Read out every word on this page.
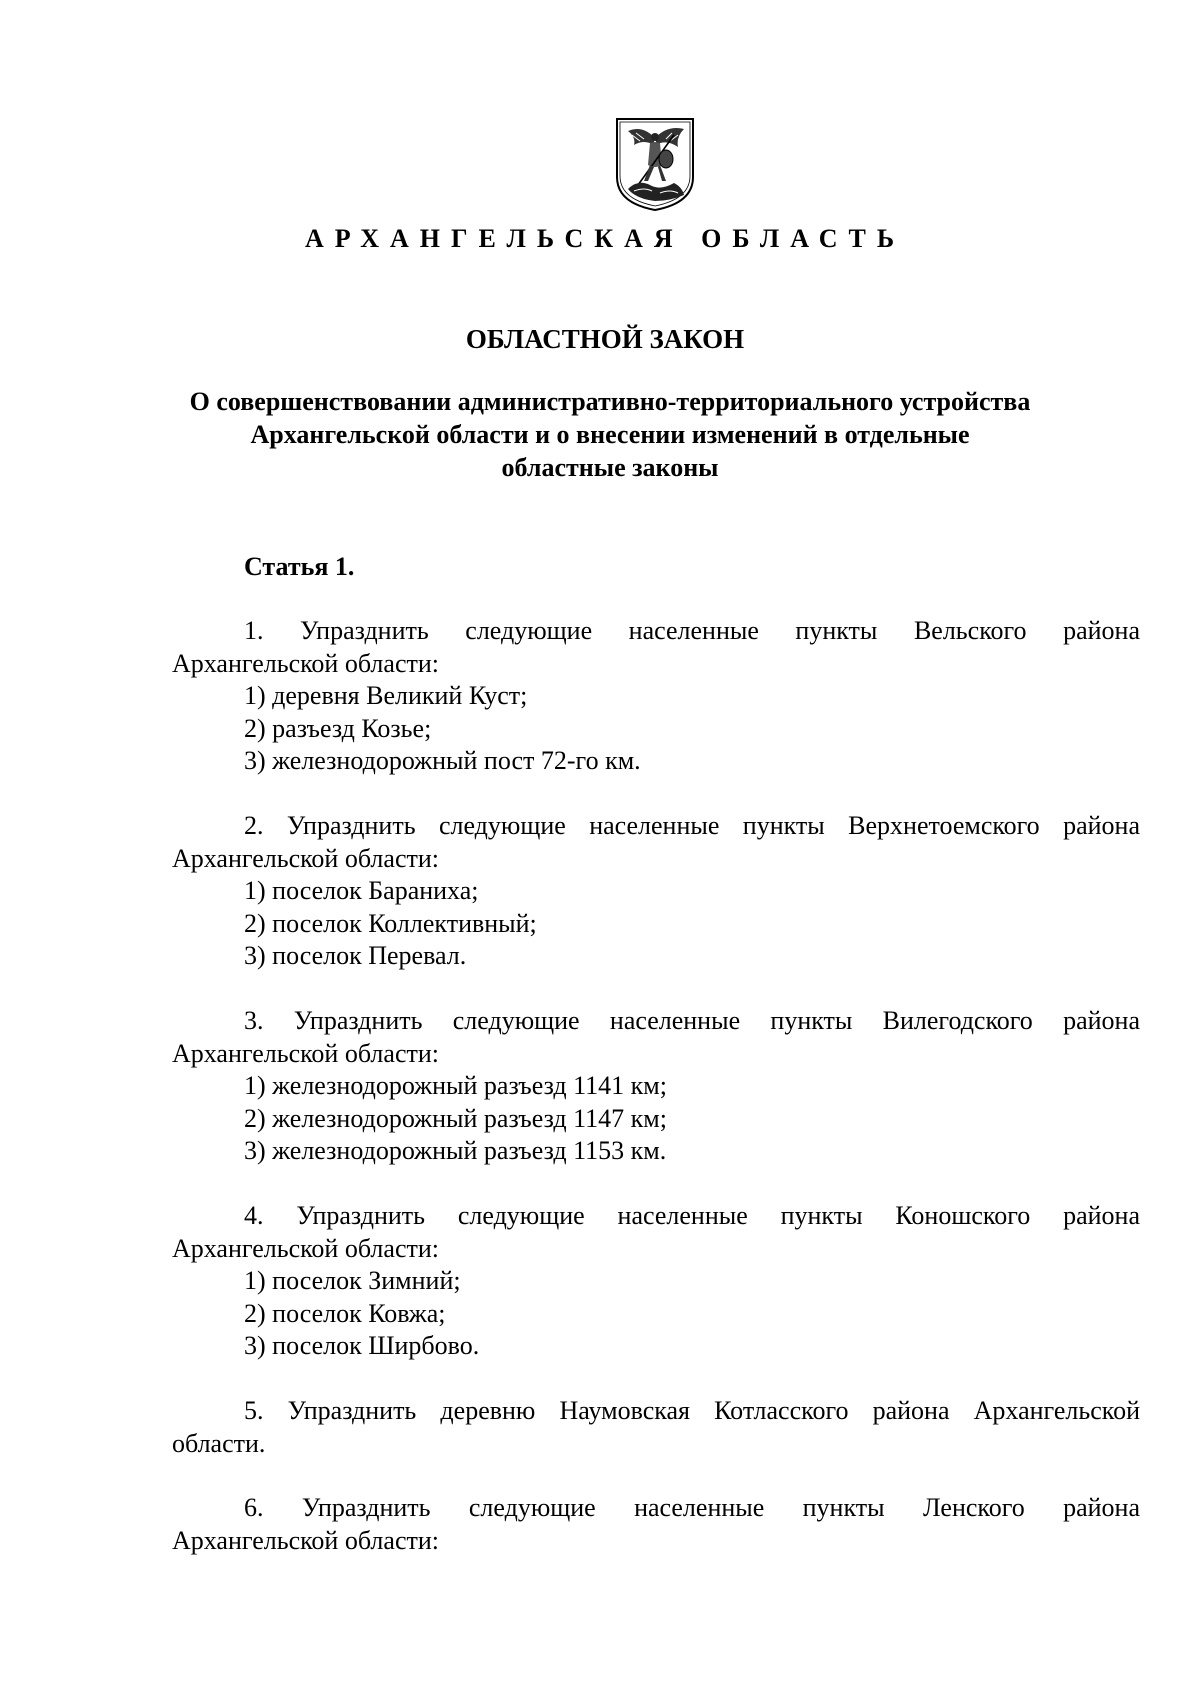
АРХАНГЕЛЬСКАЯ ОБЛАСТЬ
ОБЛАСТНОЙ ЗАКОН
О совершенствовании административно-территориального устройства
Архангельской области и о внесении изменений в отдельные
областные законы
Статья 1.

1. Упразднить следующие населенные пункты Вельского района
Архангельской области:
1) деревня Великий Куст;
2) разъезд Козье;
3) железнодорожный пост 72-го км.

2. Упразднить следующие населенные пункты Верхнетоемского района
Архангельской области:
1) поселок Бараниха;
2) поселок Коллективный;
3) поселок Перевал.

3. Упразднить следующие населенные пункты Вилегодского района
Архангельской области:
1) железнодорожный разъезд 1141 км;
2) железнодорожный разъезд 1147 км;
3) железнодорожный разъезд 1153 км.

4. Упразднить следующие населенные пункты Коношского района
Архангельской области:
1) поселок Зимний;
2) поселок Ковжа;
3) поселок Ширбово.

5. Упразднить деревню Наумовская Котласского района Архангельской
области.

6. Упразднить следующие населенные пункты Ленского района
Архангельской области:
